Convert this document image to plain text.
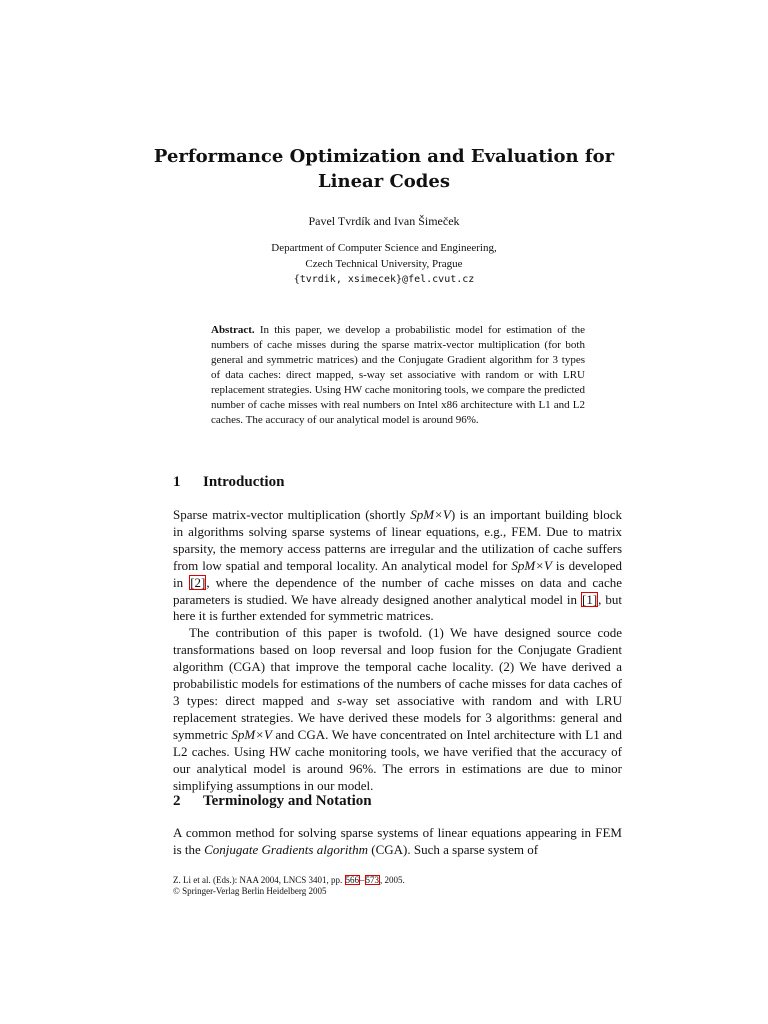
Performance Optimization and Evaluation for
Linear Codes
Pavel Tvrdík and Ivan Šimeček
Department of Computer Science and Engineering,
Czech Technical University, Prague
{tvrdik, xsimecek}@fel.cvut.cz
Abstract. In this paper, we develop a probabilistic model for estimation of the numbers of cache misses during the sparse matrix-vector multiplication (for both general and symmetric matrices) and the Conjugate Gradient algorithm for 3 types of data caches: direct mapped, s-way set associative with random or with LRU replacement strategies. Using HW cache monitoring tools, we compare the predicted number of cache misses with real numbers on Intel x86 architecture with L1 and L2 caches. The accuracy of our analytical model is around 96%.
1 Introduction

Sparse matrix-vector multiplication (shortly SpM×V) is an important building block in algorithms solving sparse systems of linear equations, e.g., FEM. Due to matrix sparsity, the memory access patterns are irregular and the utilization of cache suffers from low spatial and temporal locality. An analytical model for SpM×V is developed in [2], where the dependence of the number of cache misses on data and cache parameters is studied. We have already designed another analytical model in [1], but here it is further extended for symmetric matrices.

The contribution of this paper is twofold. (1) We have designed source code transformations based on loop reversal and loop fusion for the Conjugate Gradient algorithm (CGA) that improve the temporal cache locality. (2) We have derived a probabilistic models for estimations of the numbers of cache misses for data caches of 3 types: direct mapped and s-way set associative with random and with LRU replacement strategies. We have derived these models for 3 algorithms: general and symmetric SpM×V and CGA. We have concentrated on Intel architecture with L1 and L2 caches. Using HW cache monitoring tools, we have verified that the accuracy of our analytical model is around 96%. The errors in estimations are due to minor simplifying assumptions in our model.

2 Terminology and Notation

A common method for solving sparse systems of linear equations appearing in FEM is the Conjugate Gradients algorithm (CGA). Such a sparse system of

Z. Li et al. (Eds.): NAA 2004, LNCS 3401, pp. 566–573, 2005.
© Springer-Verlag Berlin Heidelberg 2005
